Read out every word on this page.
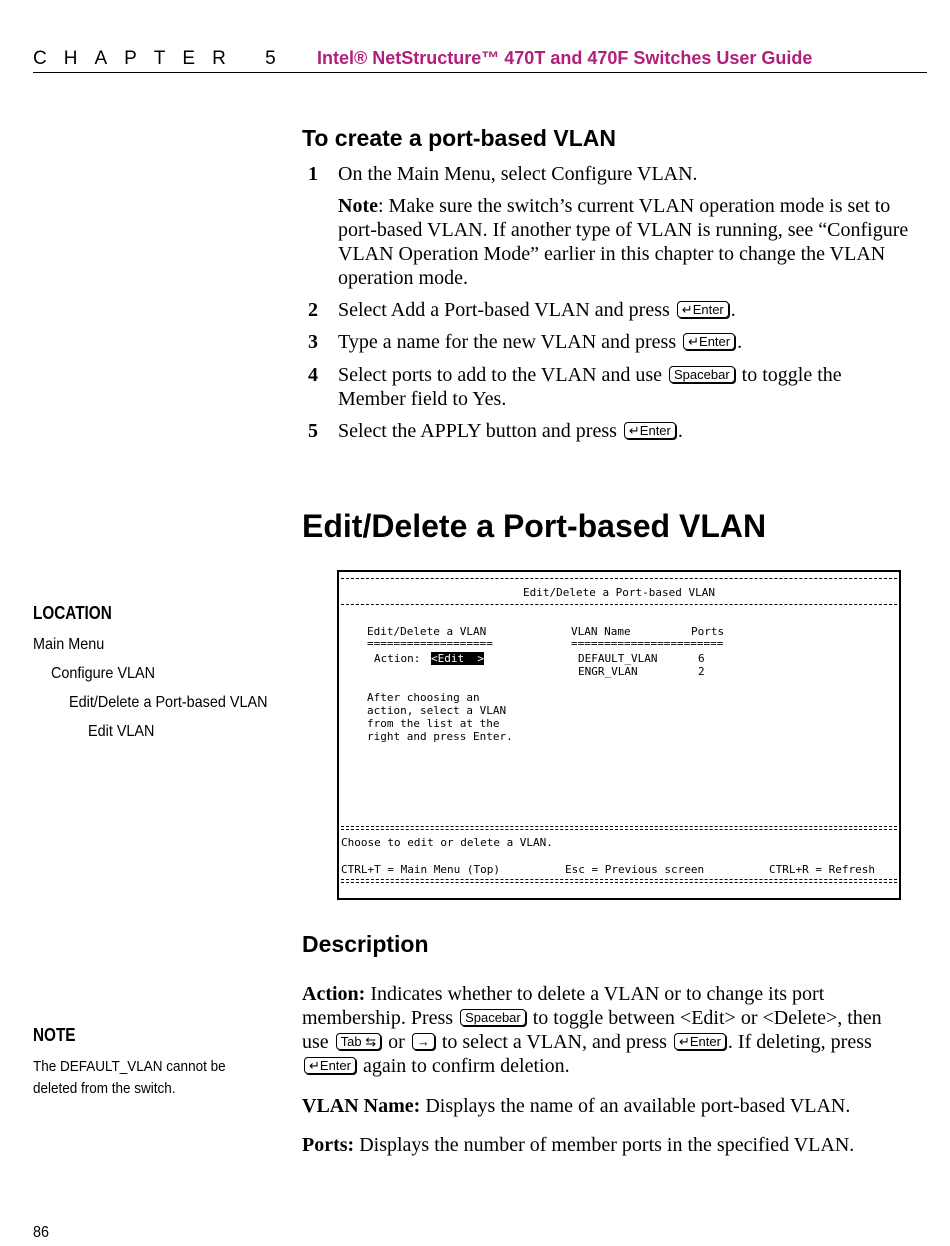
CHAPTER 5 Intel® NetStructure™ 470T and 470F Switches User Guide
To create a port-based VLAN
1 On the Main Menu, select Configure VLAN.
Note: Make sure the switch’s current VLAN operation mode is set to port-based VLAN. If another type of VLAN is running, see “Configure VLAN Operation Mode” earlier in this chapter to change the VLAN operation mode.
2 Select Add a Port-based VLAN and press ↵Enter .
3 Type a name for the new VLAN and press ↵Enter .
4 Select ports to add to the VLAN and use Spacebar to toggle the Member field to Yes.
5 Select the APPLY button and press ↵Enter .
Edit/Delete a Port-based VLAN
LOCATION
Main Menu
Configure VLAN
Edit/Delete a Port-based VLAN
Edit VLAN
NOTE
The DEFAULT_VLAN cannot be
deleted from the switch.
Edit/Delete a Port-based VLAN
Edit/Delete a VLAN
===================
Action: <Edit  >
VLAN Name	Ports
=======================
DEFAULT_VLAN	6
ENGR_VLAN	2
After choosing an
action, select a VLAN
from the list at the
right and press Enter.
Choose to edit or delete a VLAN.
CTRL+T = Main Menu (Top)	Esc = Previous screen	CTRL+R = Refresh
Description
Action: Indicates whether to delete a VLAN or to change its port membership. Press Spacebar to toggle between <Edit> or <Delete>, then use Tab ⇆ or → to select a VLAN, and press ↵Enter . If deleting, press ↵Enter again to confirm deletion.
VLAN Name: Displays the name of an available port-based VLAN.
Ports: Displays the number of member ports in the specified VLAN.
86
